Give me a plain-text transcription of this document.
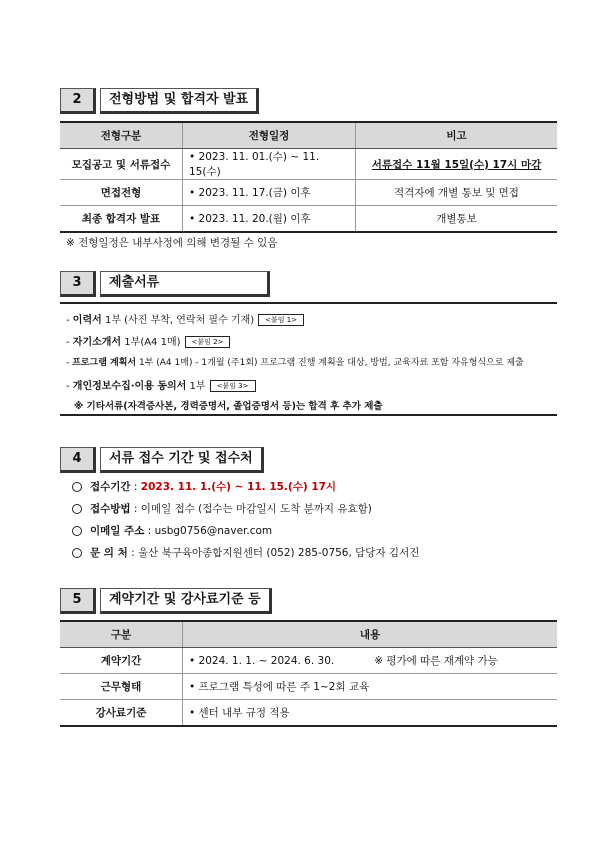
2	전형방법 및 합격자 발표
전형구분	전형일정	비고
모집공고 및 서류접수	• 2023. 11. 01.(수) ~ 11. 15(수)	서류접수 11월 15일(수) 17시 마감
면접전형	• 2023. 11. 17.(금) 이후	적격자에 개별 통보 및 면접
최종 합격자 발표	• 2023. 11. 20.(월) 이후	개별통보
※ 전형일정은 내부사정에 의해 변경될 수 있음
3	제출서류
- 이력서 1부 (사진 부착, 연락처 필수 기재) <붙임 1>
- 자기소개서 1부(A4 1매) <붙임 2>
- 프로그램 계획서 1부 (A4 1매) - 1개월 (주1회) 프로그램 진행 계획을 대상, 방법, 교육자료 포함 자유형식으로 제출
- 개인정보수집·이용 동의서 1부 <붙임 3>
※ 기타서류(자격증사본, 경력증명서, 졸업증명서 등)는 합격 후 추가 제출
4	서류 접수 기간 및 접수처
접수기간 : 2023. 11. 1.(수) ~ 11. 15.(수) 17시
접수방법 : 이메일 접수 (접수는 마감일시 도착 분까지 유효함)
이메일 주소 : usbg0756@naver.com
문 의 처 : 울산 북구육아종합지원센터 (052) 285-0756, 담당자 김서진
5	계약기간 및 강사료기준 등
구분	내용
계약기간	• 2024. 1. 1. ~ 2024. 6. 30. ※ 평가에 따른 재계약 가능
근무형태	• 프로그램 특성에 따른 주 1~2회 교육
강사료기준	• 센터 내부 규정 적용
